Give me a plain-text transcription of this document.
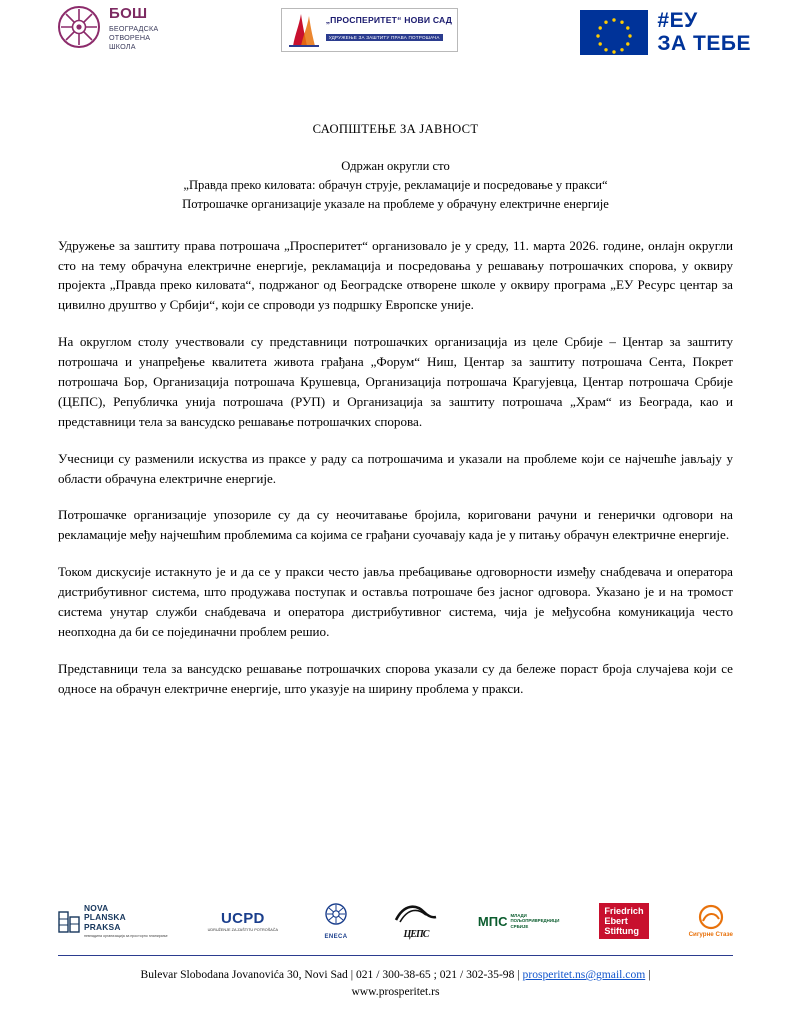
БОШ
БЕОГРАДСКА
ОТВОРЕНА
ШКОЛА
„ПРОСПЕРИТЕТ“ НОВИ САД
УДРУЖЕЊЕ ЗА ЗАШТИТУ ПРАВА ПОТРОШАЧА
#ЕУ
ЗА ТЕБЕ
САОПШТЕЊЕ ЗА ЈАВНОСТ
Одржан округли сто
„Правда преко киловата: обрачун струје, рекламације и посредовање у пракси“
Потрошачке организације указале на проблеме у обрачуну електричне енергије

Удружење за заштиту права потрошача „Просперитет“ организовало је у среду, 11. марта 2026. године, онлајн округли сто на тему обрачуна електричне енергије, рекламација и посредовања у решавању потрошачких спорова, у оквиру пројекта „Правда преко киловата“, подржаног од Београдске отворене школе у оквиру програма „ЕУ Ресурс центар за цивилно друштво у Србији“, који се спроводи уз подршку Европске уније.

На округлом столу учествовали су представници потрошачких организација из целе Србије – Центар за заштиту потрошача и унапређење квалитета живота грађана „Форум“ Ниш, Центар за заштиту потрошача Сента, Покрет потрошача Бор, Организација потрошача Крушевца, Организација потрошача Крагујевца, Центар потрошача Србије (ЦЕПС), Републичка унија потрошача (РУП) и Организација за заштиту потрошача „Храм“ из Београда, као и представници тела за вансудско решавање потрошачких спорова.

Учесници су разменили искуства из праксе у раду са потрошачима и указали на проблеме који се најчешће јављају у области обрачуна електричне енергије.

Потрошачке организације упозориле су да су неочитавање бројила, кориговани рачуни и генерички одговори на рекламације међу најчешћим проблемима са којима се грађани суочавају када је у питању обрачун електричне енергије.

Током дискусије истакнуто је и да се у пракси често јавља пребацивање одговорности између снабдевача и оператора дистрибутивног система, што продужава поступак и оставља потрошаче без јасног одговора. Указано је и на тромост система унутар служби снабдевача и оператора дистрибутивног система, чија је међусобна комуникација често неопходна да би се појединачни проблем решио.

Представници тела за вансудско решавање потрошачких спорова указали су да бележе пораст броја случајева који се односе на обрачун електричне енергије, што указује на ширину проблема у пракси.

NOVA
PLANSKA
PRAKSA
невладина организација за просторно планирање
UCPD
UDRUŽENJE ZA ZAŠTITU POTROŠAČA
ENECA	ЦЕПС
МПС МЛАДИ
ПОЉОПРИВРЕДНИЦИ
СРБИЈЕ
Friedrich
Ebert
Stiftung	Сигурне Стазе
Bulevar Slobodana Jovanovića 30, Novi Sad | 021 / 300-38-65 ; 021 / 302-35-98 | prosperitet.ns@gmail.com |
www.prosperitet.rs
